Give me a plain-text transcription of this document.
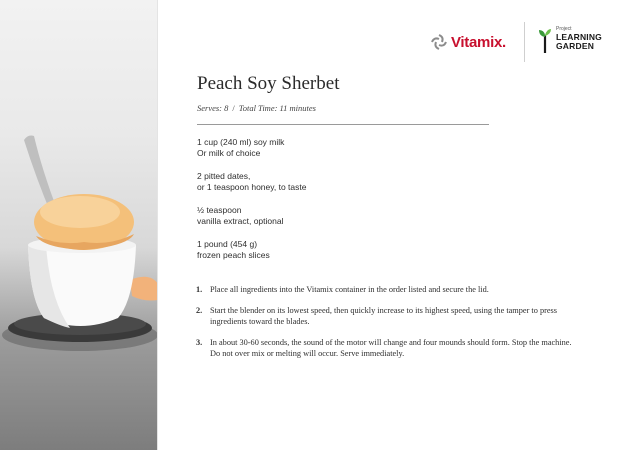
Vitamix.
Project
LEARNING
GARDEN
Peach Soy Sherbet
Serves: 8 / Total Time: 11 minutes
1 cup (240 ml) soy milk
Or milk of choice
2 pitted dates,
or 1 teaspoon honey, to taste
½ teaspoon
vanilla extract, optional
1 pound (454 g)
frozen peach slices
1. Place all ingredients into the Vitamix container in the order listed and secure the lid.
2. Start the blender on its lowest speed, then quickly increase to its highest speed, using the tamper to press ingredients toward the blades.
3. In about 30-60 seconds, the sound of the motor will change and four mounds should form. Stop the machine. Do not over mix or melting will occur. Serve immediately.
